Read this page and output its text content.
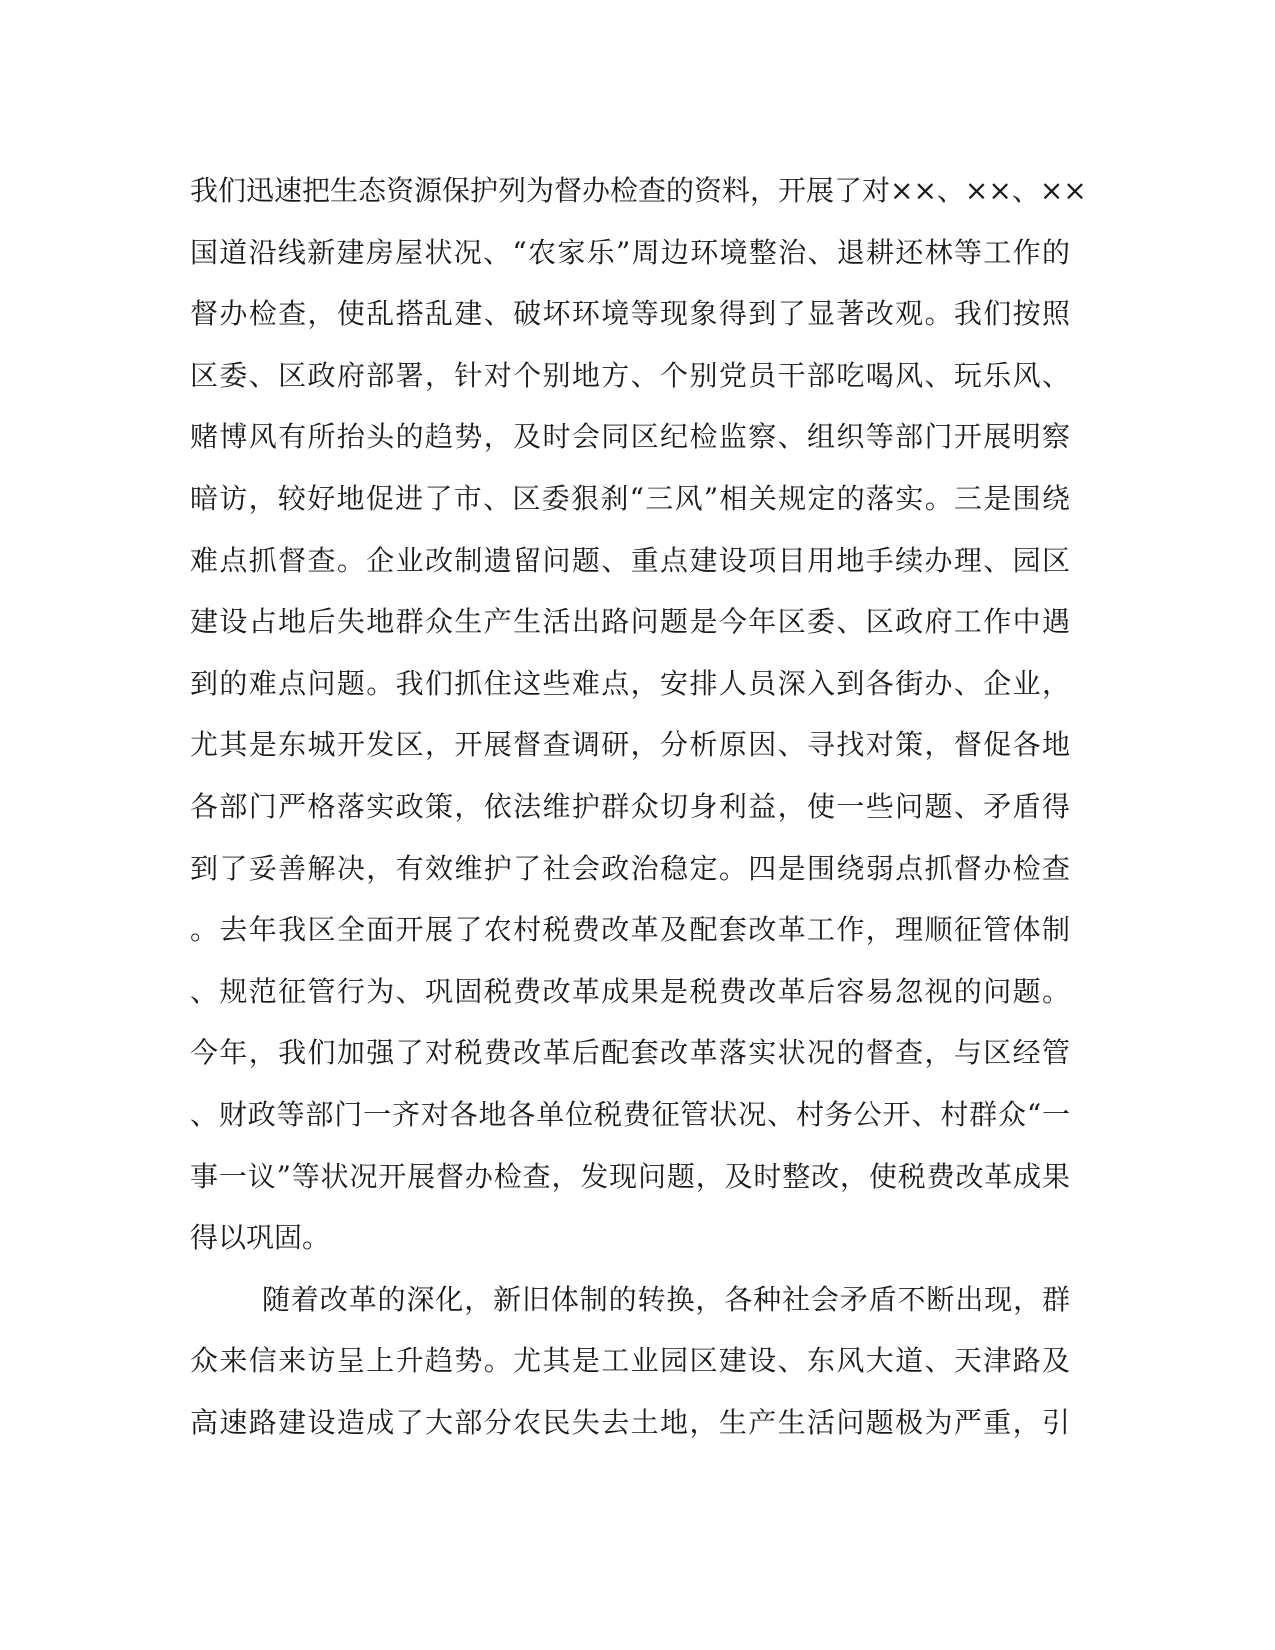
我们迅速把生态资源保护列为督办检查的资料，开展了对××、××、××
国道沿线新建房屋状况、“农家乐”周边环境整治、退耕还林等工作的
督办检查，使乱搭乱建、破坏环境等现象得到了显著改观。我们按照
区委、区政府部署，针对个别地方、个别党员干部吃喝风、玩乐风、
赌博风有所抬头的趋势，及时会同区纪检监察、组织等部门开展明察
暗访，较好地促进了市、区委狠刹“三风”相关规定的落实。三是围绕
难点抓督查。企业改制遗留问题、重点建设项目用地手续办理、园区
建设占地后失地群众生产生活出路问题是今年区委、区政府工作中遇
到的难点问题。我们抓住这些难点，安排人员深入到各街办、企业，
尤其是东城开发区，开展督查调研，分析原因、寻找对策，督促各地
各部门严格落实政策，依法维护群众切身利益，使一些问题、矛盾得
到了妥善解决，有效维护了社会政治稳定。四是围绕弱点抓督办检查
。去年我区全面开展了农村税费改革及配套改革工作，理顺征管体制
、规范征管行为、巩固税费改革成果是税费改革后容易忽视的问题。
今年，我们加强了对税费改革后配套改革落实状况的督查，与区经管
、财政等部门一齐对各地各单位税费征管状况、村务公开、村群众“一
事一议”等状况开展督办检查，发现问题，及时整改，使税费改革成果
得以巩固。
随着改革的深化，新旧体制的转换，各种社会矛盾不断出现，群
众来信来访呈上升趋势。尤其是工业园区建设、东风大道、天津路及
高速路建设造成了大部分农民失去土地，生产生活问题极为严重，引
